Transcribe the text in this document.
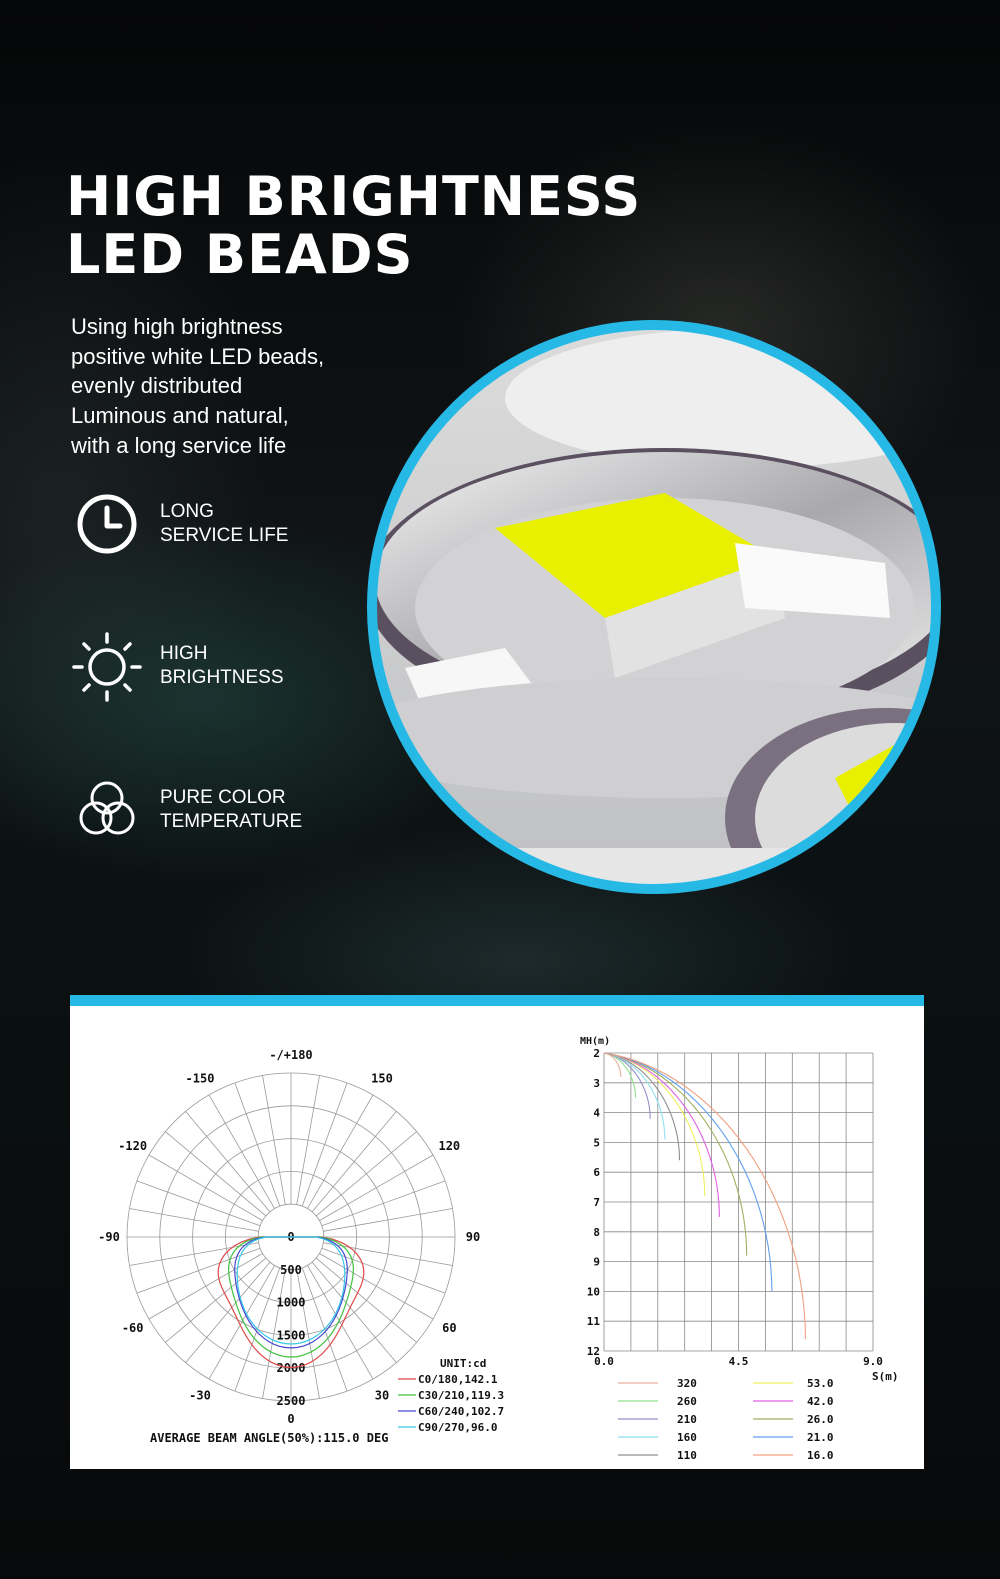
HIGH BRIGHTNESS
LED BEADS
Using high brightness
positive white LED beads,
evenly distributed
Luminous and natural,
with a long service life
LONG
SERVICE LIFE
HIGH
BRIGHTNESS
PURE COLOR
TEMPERATURE
-/+180
-150	150
-120	120
-90	90
-60	60
-30	30
0
500
1000
1500
2000
2500
0
UNIT:cd
C0/180,142.1
C30/210,119.3
C60/240,102.7
C90/270,96.0
AVERAGE BEAM ANGLE(50%):115.0 DEG
MH(m)
2
3
4
5
6
7
8
9
10
11
12
0.0	4.5	9.0
S(m)
320
260
210
160
110
53.0
42.0
26.0
21.0
16.0
